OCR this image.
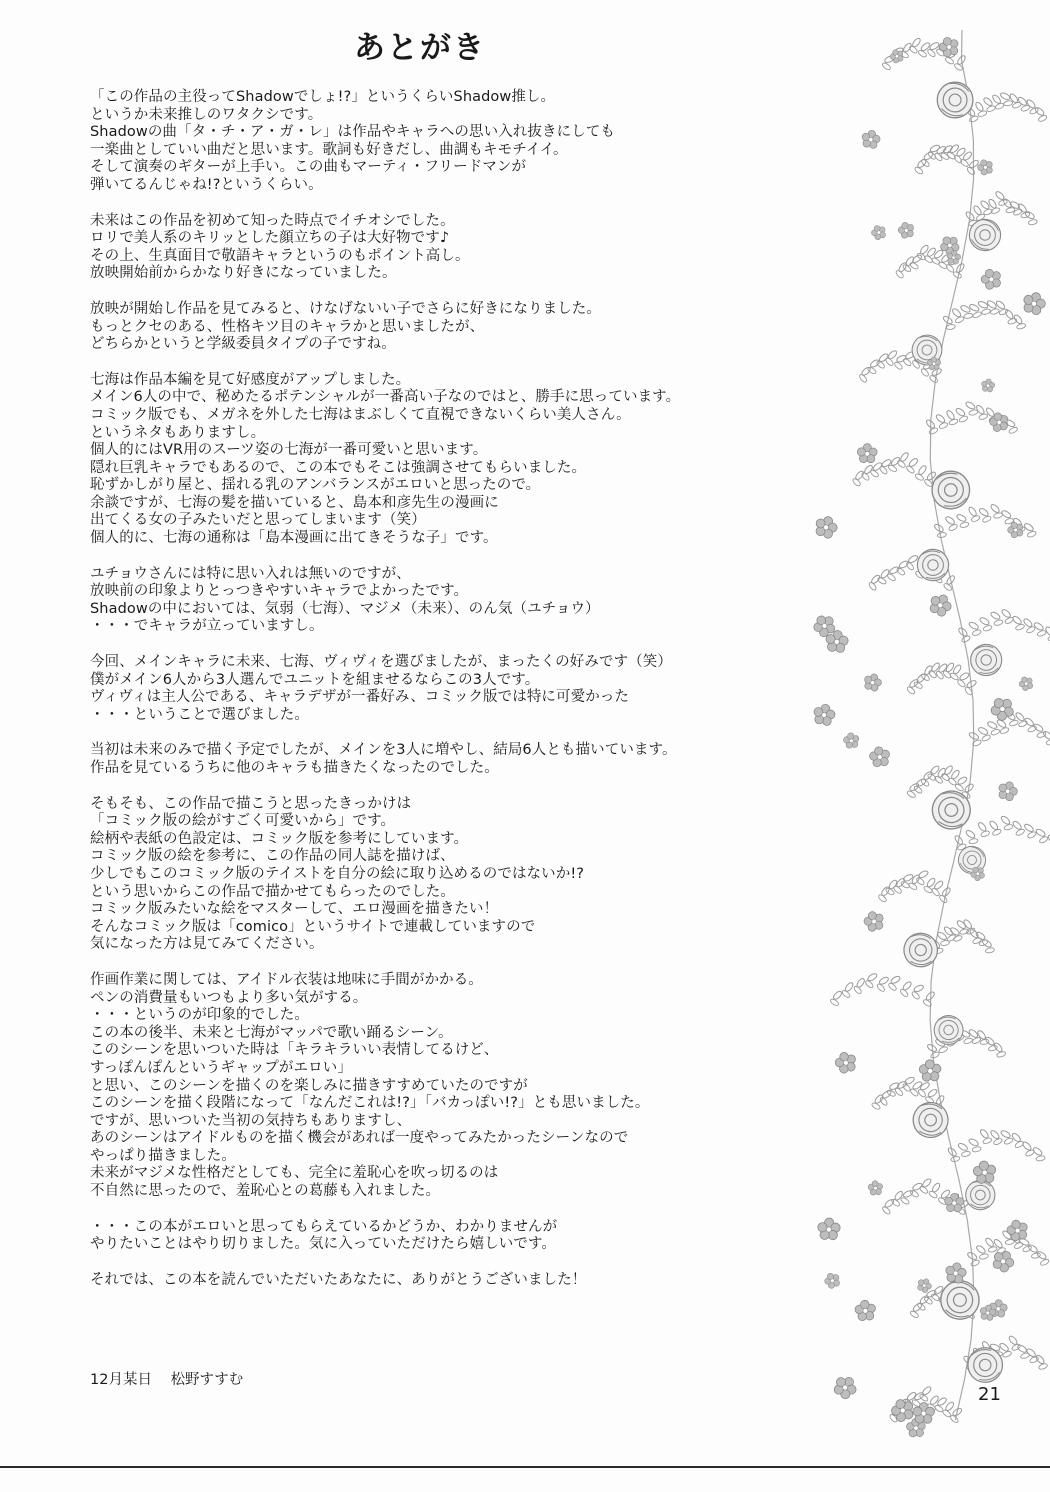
あとがき
「この作品の主役ってShadowでしょ!?」というくらいShadow推し。
というか未来推しのワタクシです。
Shadowの曲「タ・チ・ア・ガ・レ」は作品やキャラへの思い入れ抜きにしても
一楽曲としていい曲だと思います。歌詞も好きだし、曲調もキモチイイ。
そして演奏のギターが上手い。この曲もマーティ・フリードマンが
弾いてるんじゃね!?というくらい。
未来はこの作品を初めて知った時点でイチオシでした。
ロリで美人系のキリッとした顔立ちの子は大好物です♪
その上、生真面目で敬語キャラというのもポイント高し。
放映開始前からかなり好きになっていました。
放映が開始し作品を見てみると、けなげないい子でさらに好きになりました。
もっとクセのある、性格キツ目のキャラかと思いましたが、
どちらかというと学級委員タイプの子ですね。
七海は作品本編を見て好感度がアップしました。
メイン6人の中で、秘めたるポテンシャルが一番高い子なのではと、勝手に思っています。
コミック版でも、メガネを外した七海はまぶしくて直視できないくらい美人さん。
というネタもありますし。
個人的にはVR用のスーツ姿の七海が一番可愛いと思います。
隠れ巨乳キャラでもあるので、この本でもそこは強調させてもらいました。
恥ずかしがり屋と、揺れる乳のアンバランスがエロいと思ったので。
余談ですが、七海の髪を描いていると、島本和彦先生の漫画に
出てくる女の子みたいだと思ってしまいます（笑）
個人的に、七海の通称は「島本漫画に出てきそうな子」です。
ユチョウさんには特に思い入れは無いのですが、
放映前の印象よりとっつきやすいキャラでよかったです。
Shadowの中においては、気弱（七海）、マジメ（未来）、のん気（ユチョウ）
・・・でキャラが立っていますし。
今回、メインキャラに未来、七海、ヴィヴィを選びましたが、まったくの好みです（笑）
僕がメイン6人から3人選んでユニットを組ませるならこの3人です。
ヴィヴィは主人公である、キャラデザが一番好み、コミック版では特に可愛かった
・・・ということで選びました。
当初は未来のみで描く予定でしたが、メインを3人に増やし、結局6人とも描いています。
作品を見ているうちに他のキャラも描きたくなったのでした。
そもそも、この作品で描こうと思ったきっかけは
「コミック版の絵がすごく可愛いから」です。
絵柄や表紙の色設定は、コミック版を参考にしています。
コミック版の絵を参考に、この作品の同人誌を描けば、
少しでもこのコミック版のテイストを自分の絵に取り込めるのではないか!?
という思いからこの作品で描かせてもらったのでした。
コミック版みたいな絵をマスターして、エロ漫画を描きたい！
そんなコミック版は「comico」というサイトで連載していますので
気になった方は見てみてください。
作画作業に関しては、アイドル衣装は地味に手間がかかる。
ペンの消費量もいつもより多い気がする。
・・・というのが印象的でした。
この本の後半、未来と七海がマッパで歌い踊るシーン。
このシーンを思いついた時は「キラキラいい表情してるけど、
すっぽんぽんというギャップがエロい」
と思い、このシーンを描くのを楽しみに描きすすめていたのですが
このシーンを描く段階になって「なんだこれは!?」「バカっぽい!?」とも思いました。
ですが、思いついた当初の気持ちもありますし、
あのシーンはアイドルものを描く機会があれば一度やってみたかったシーンなので
やっぱり描きました。
未来がマジメな性格だとしても、完全に羞恥心を吹っ切るのは
不自然に思ったので、羞恥心との葛藤も入れました。
・・・この本がエロいと思ってもらえているかどうか、わかりませんが
やりたいことはやり切りました。気に入っていただけたら嬉しいです。
それでは、この本を読んでいただいたあなたに、ありがとうございました！
12月某日 松野すすむ
21
